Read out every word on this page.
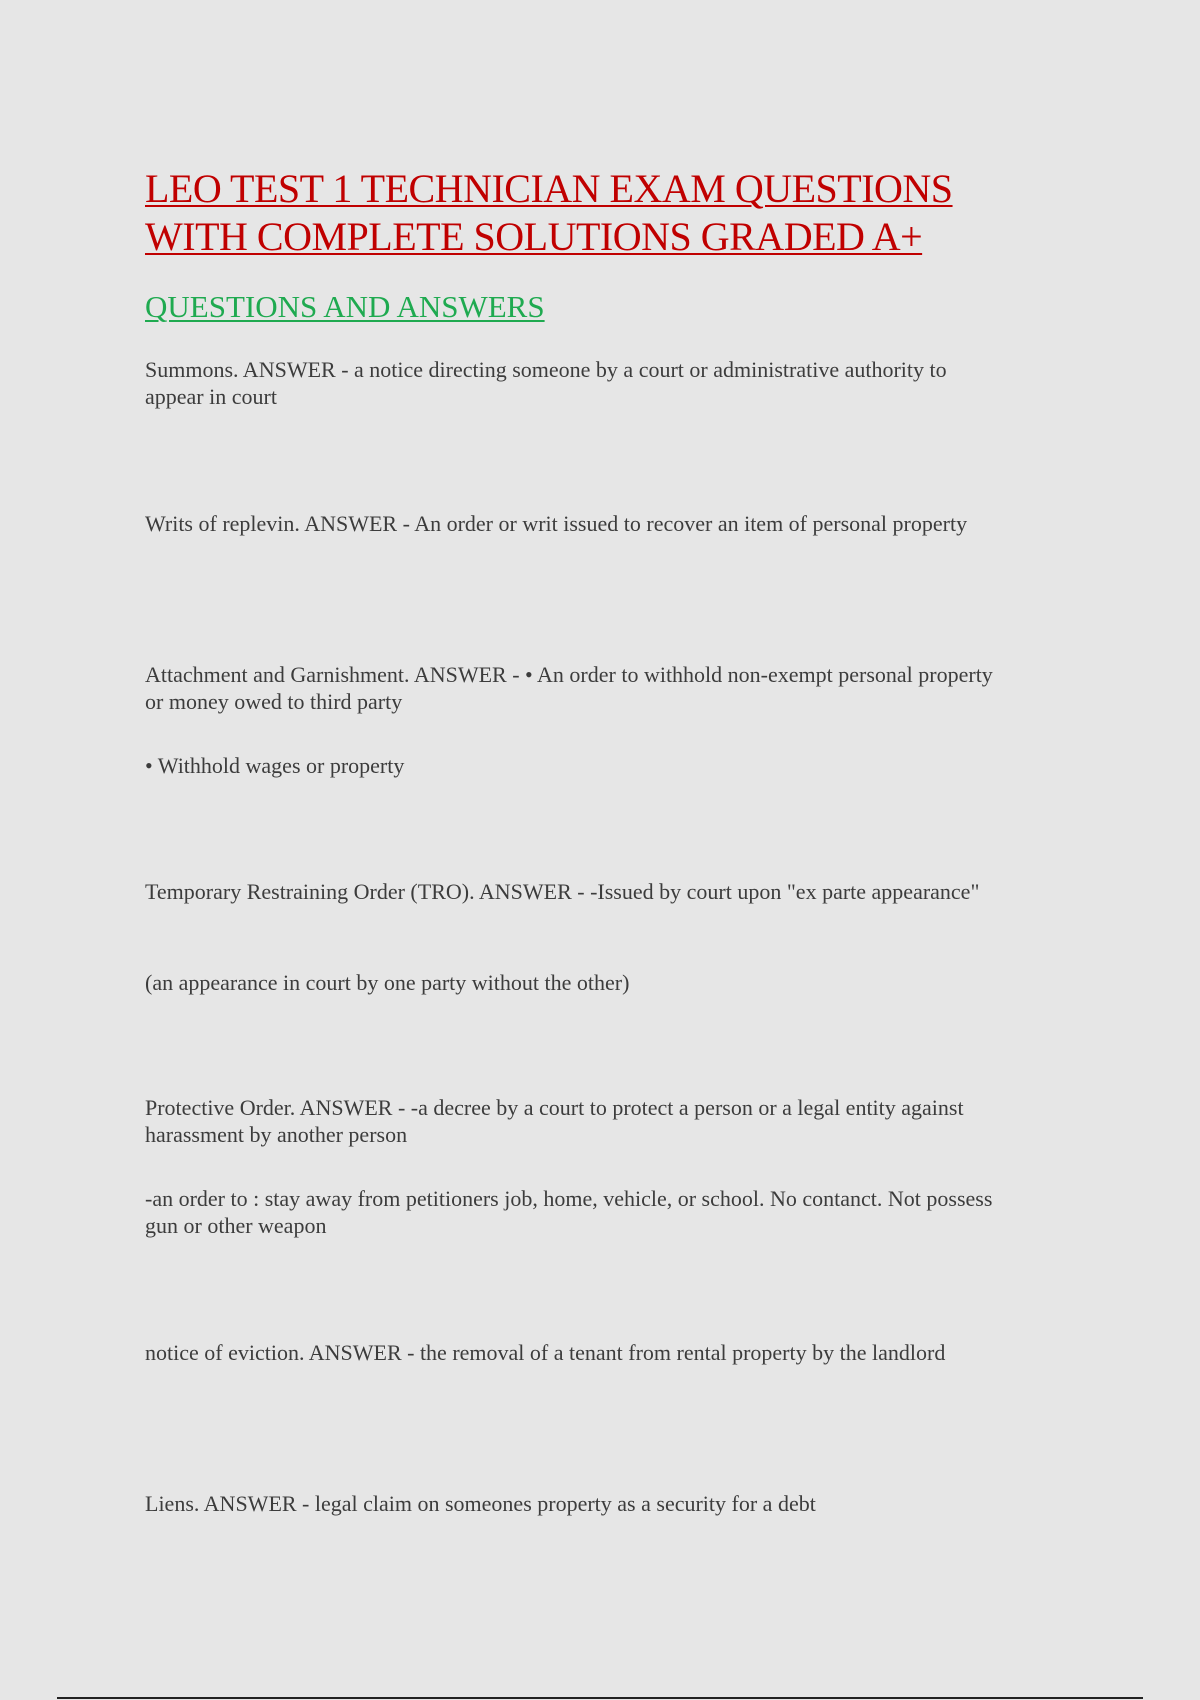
LEO TEST 1 TECHNICIAN EXAM QUESTIONS
WITH COMPLETE SOLUTIONS GRADED A+
QUESTIONS AND ANSWERS

Summons. ANSWER - a notice directing someone by a court or administrative authority to appear in court

Writs of replevin. ANSWER - An order or writ issued to recover an item of personal property

Attachment and Garnishment. ANSWER - • An order to withhold non-exempt personal property or money owed to third party

• Withhold wages or property

Temporary Restraining Order (TRO). ANSWER - -Issued by court upon "ex parte appearance"

(an appearance in court by one party without the other)

Protective Order. ANSWER - -a decree by a court to protect a person or a legal entity against harassment by another person

-an order to : stay away from petitioners job, home, vehicle, or school. No contanct. Not possess gun or other weapon

notice of eviction. ANSWER - the removal of a tenant from rental property by the landlord

Liens. ANSWER - legal claim on someones property as a security for a debt
